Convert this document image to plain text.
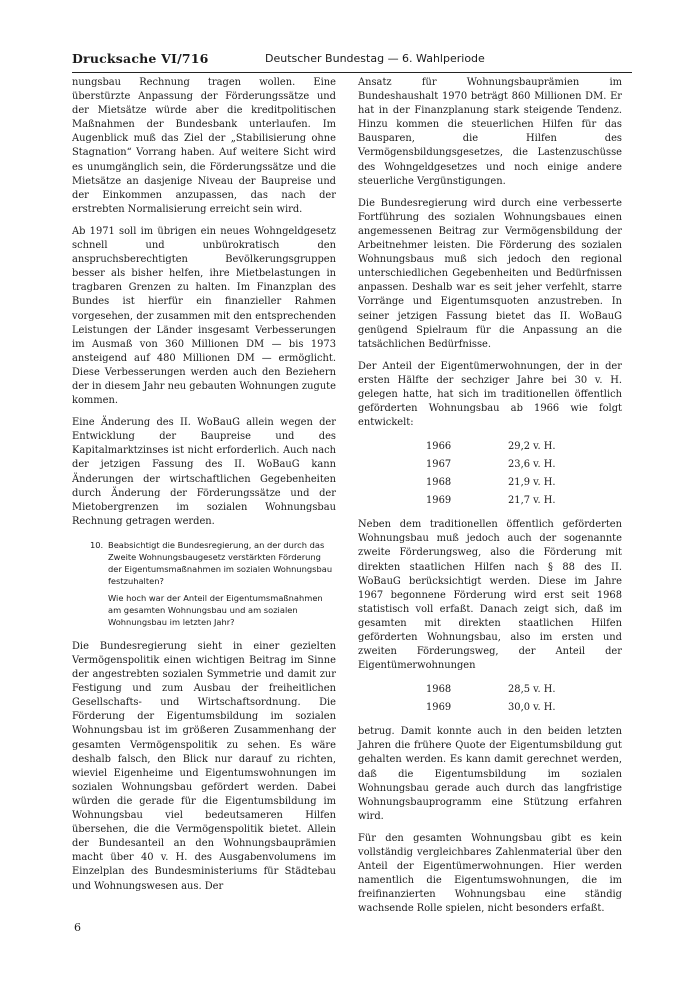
Drucksache VI/716	Deutscher Bundestag — 6. Wahlperiode

nungsbau Rechnung tragen wollen. Eine überstürzte Anpassung der Förderungssätze und der Mietsätze würde aber die kreditpolitischen Maßnahmen der Bundesbank unterlaufen. Im Augenblick muß das Ziel der „Stabilisierung ohne Stagnation“ Vorrang haben. Auf weitere Sicht wird es unumgänglich sein, die Förderungssätze und die Mietsätze an dasjenige Niveau der Baupreise und der Einkommen anzupassen, das nach der erstrebten Normalisierung erreicht sein wird.

Ab 1971 soll im übrigen ein neues Wohngeldgesetz schnell und unbürokratisch den anspruchsberechtigten Bevölkerungsgruppen besser als bisher helfen, ihre Mietbelastungen in tragbaren Grenzen zu halten. Im Finanzplan des Bundes ist hierfür ein finanzieller Rahmen vorgesehen, der zusammen mit den entsprechenden Leistungen der Länder insgesamt Verbesserungen im Ausmaß von 360 Millionen DM — bis 1973 ansteigend auf 480 Millionen DM — ermöglicht. Diese Verbesserungen werden auch den Beziehern der in diesem Jahr neu gebauten Wohnungen zugute kommen.

Eine Änderung des II. WoBauG allein wegen der Entwicklung der Baupreise und des Kapitalmarktzinses ist nicht erforderlich. Auch nach der jetzigen Fassung des II. WoBauG kann Änderungen der wirtschaftlichen Gegebenheiten durch Änderung der Förderungssätze und der Mietobergrenzen im sozialen Wohnungsbau Rechnung getragen werden.

10. Beabsichtigt die Bundesregierung, an der durch das Zweite Wohnungsbaugesetz verstärkten Förderung der Eigentumsmaßnahmen im sozialen Wohnungsbau festzuhalten?
Wie hoch war der Anteil der Eigentumsmaßnahmen am gesamten Wohnungsbau und am sozialen Wohnungsbau im letzten Jahr?

Die Bundesregierung sieht in einer gezielten Vermögenspolitik einen wichtigen Beitrag im Sinne der angestrebten sozialen Symmetrie und damit zur Festigung und zum Ausbau der freiheitlichen Gesellschafts- und Wirtschaftsordnung. Die Förderung der Eigentumsbildung im sozialen Wohnungsbau ist im größeren Zusammenhang der gesamten Vermögenspolitik zu sehen. Es wäre deshalb falsch, den Blick nur darauf zu richten, wieviel Eigenheime und Eigentumswohnungen im sozialen Wohnungsbau gefördert werden. Dabei würden die gerade für die Eigentumsbildung im Wohnungsbau viel bedeutsameren Hilfen übersehen, die die Vermögenspolitik bietet. Allein der Bundesanteil an den Wohnungsbauprämien macht über 40 v. H. des Ausgabenvolumens im Einzelplan des Bundesministeriums für Städtebau und Wohnungswesen aus. Der

Ansatz für Wohnungsbauprämien im Bundeshaushalt 1970 beträgt 860 Millionen DM. Er hat in der Finanzplanung stark steigende Tendenz. Hinzu kommen die steuerlichen Hilfen für das Bausparen, die Hilfen des Vermögensbildungsgesetzes, die Lastenzuschüsse des Wohngeldgesetzes und noch einige andere steuerliche Vergünstigungen.

Die Bundesregierung wird durch eine verbesserte Fortführung des sozialen Wohnungsbaues einen angemessenen Beitrag zur Vermögensbildung der Arbeitnehmer leisten. Die Förderung des sozialen Wohnungsbaus muß sich jedoch den regional unterschiedlichen Gegebenheiten und Bedürfnissen anpassen. Deshalb war es seit jeher verfehlt, starre Vorränge und Eigentumsquoten anzustreben. In seiner jetzigen Fassung bietet das II. WoBauG genügend Spielraum für die Anpassung an die tatsächlichen Bedürfnisse.

Der Anteil der Eigentümerwohnungen, der in der ersten Hälfte der sechziger Jahre bei 30 v. H. gelegen hatte, hat sich im traditionellen öffentlich geförderten Wohnungsbau ab 1966 wie folgt entwickelt:

1966	29,2 v. H.
1967	23,6 v. H.
1968	21,9 v. H.
1969	21,7 v. H.

Neben dem traditionellen öffentlich geförderten Wohnungsbau muß jedoch auch der sogenannte zweite Förderungsweg, also die Förderung mit direkten staatlichen Hilfen nach § 88 des II. WoBauG berücksichtigt werden. Diese im Jahre 1967 begonnene Förderung wird erst seit 1968 statistisch voll erfaßt. Danach zeigt sich, daß im gesamten mit direkten staatlichen Hilfen geförderten Wohnungsbau, also im ersten und zweiten Förderungsweg, der Anteil der Eigentümerwohnungen

1968	28,5 v. H.
1969	30,0 v. H.

betrug. Damit konnte auch in den beiden letzten Jahren die frühere Quote der Eigentumsbildung gut gehalten werden. Es kann damit gerechnet werden, daß die Eigentumsbildung im sozialen Wohnungsbau gerade auch durch das langfristige Wohnungsbauprogramm eine Stützung erfahren wird.

Für den gesamten Wohnungsbau gibt es kein vollständig vergleichbares Zahlenmaterial über den Anteil der Eigentümerwohnungen. Hier werden namentlich die Eigentumswohnungen, die im freifinanzierten Wohnungsbau eine ständig wachsende Rolle spielen, nicht besonders erfaßt.

6
